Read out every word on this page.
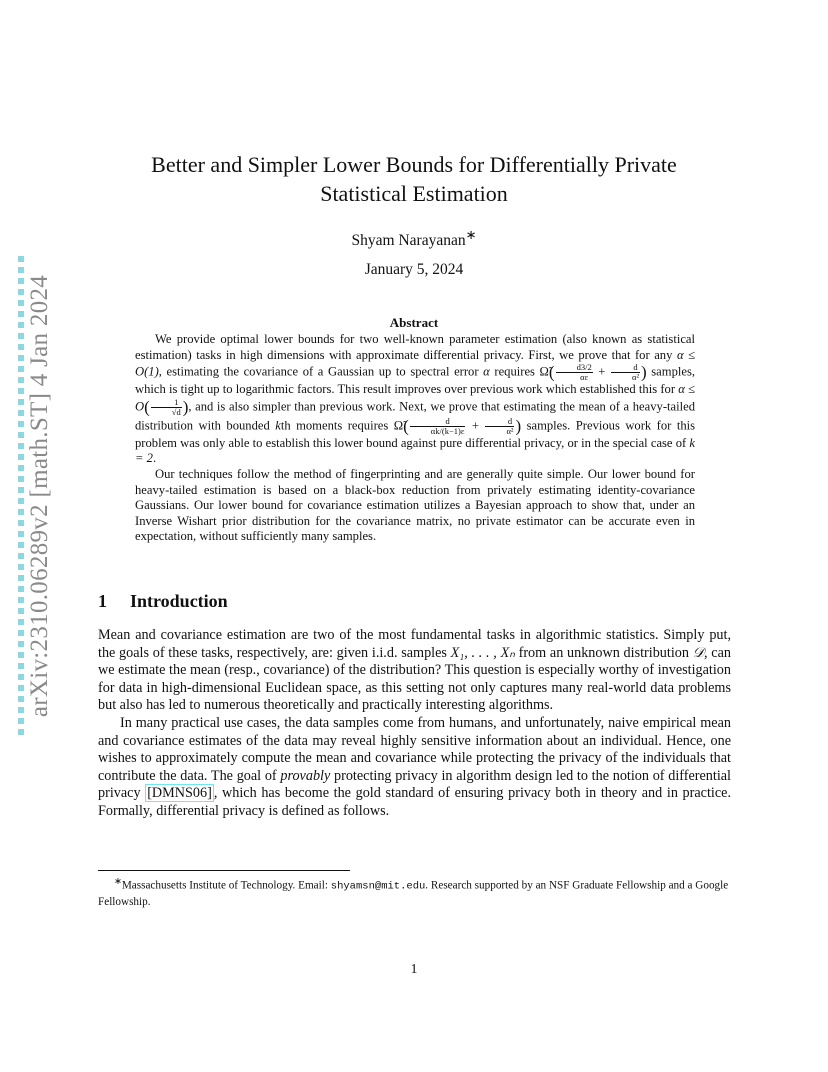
arXiv:2310.06289v2 [math.ST] 4 Jan 2024
Better and Simpler Lower Bounds for Differentially Private
Statistical Estimation
Shyam Narayanan∗
January 5, 2024
Abstract

We provide optimal lower bounds for two well-known parameter estimation (also known as statistical estimation) tasks in high dimensions with approximate differential privacy. First, we prove that for any α ≤ O(1), estimating the covariance of a Gaussian up to spectral error α requires Ω̃( $\frac{d3/2}{\alpha\varepsilon} + \frac{d}{\text{α²}}$ ) samples, which is tight up to logarithmic factors. This result improves over previous work which established this for $\alpha \le O( \frac{1}{√d}$ ), and is also simpler than previous work. Next, we prove that estimating the mean of a heavy-tailed distribution with bounded kth moments requires Ω̃( $\frac{d}{\alpha k/(k-1)\varepsilon} + \frac{d}{\text{α²}}$ ) samples. Previous work for this problem was only able to establish this lower bound against pure differential privacy, or in the special case of k = 2.

Our techniques follow the method of fingerprinting and are generally quite simple. Our lower bound for heavy-tailed estimation is based on a black-box reduction from privately estimating identity-covariance Gaussians. Our lower bound for covariance estimation utilizes a Bayesian approach to show that, under an Inverse Wishart prior distribution for the covariance matrix, no private estimator can be accurate even in expectation, without sufficiently many samples.

1 Introduction

Mean and covariance estimation are two of the most fundamental tasks in algorithmic statistics. Simply put, the goals of these tasks, respectively, are: given i.i.d. samples X₁, . . . , Xₙ from an unknown distribution 𝒟, can we estimate the mean (resp., covariance) of the distribution? This question is especially worthy of investigation for data in high-dimensional Euclidean space, as this setting not only captures many real-world data problems but also has led to numerous theoretically and practically interesting algorithms.

In many practical use cases, the data samples come from humans, and unfortunately, naive empirical mean and covariance estimates of the data may reveal highly sensitive information about an individual. Hence, one wishes to approximately compute the mean and covariance while protecting the privacy of the individuals that contribute the data. The goal of provably protecting privacy in algorithm design led to the notion of differential privacy [DMNS06] , which has become the gold standard of ensuring privacy both in theory and in practice. Formally, differential privacy is defined as follows.

∗Massachusetts Institute of Technology. Email: shyamsn@mit.edu. Research supported by an NSF Graduate Fellowship and a Google Fellowship.
1
